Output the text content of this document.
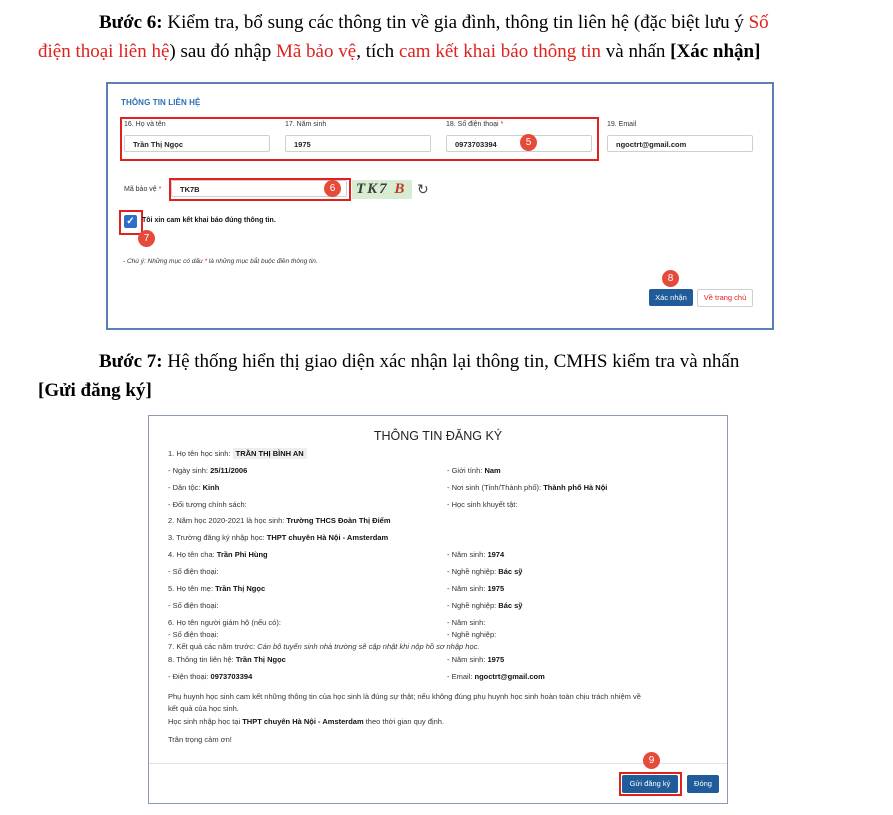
Bước 6: Kiểm tra, bổ sung các thông tin về gia đình, thông tin liên hệ (đặc biệt lưu ý Số
điện thoại liên hệ) sau đó nhập Mã bảo vệ, tích cam kết khai báo thông tin và nhấn [Xác nhận]
THÔNG TIN LIÊN HỆ
16. Họ và tên
Trần Thị Ngọc
17. Năm sinh
1975
18. Số điện thoại *
0973703394
19. Email
ngoctrt@gmail.com
5
Mã bảo vệ *	TK7B	6	TK7 B ↻
✓	Tôi xin cam kết khai báo đúng thông tin.
7
- Chú ý: Những mục có dấu * là những mục bắt buộc điền thông tin.
8
Xác nhận	Về trang chủ
Bước 7: Hệ thống hiển thị giao diện xác nhận lại thông tin, CMHS kiểm tra và nhấn
[Gửi đăng ký]
THÔNG TIN ĐĂNG KÝ
1. Họ tên học sinh: TRẦN THỊ BÌNH AN
- Ngày sinh: 25/11/2006	- Giới tính: Nam
- Dân tộc: Kinh	- Nơi sinh (Tỉnh/Thành phố): Thành phố Hà Nội
- Đối tượng chính sách:	- Học sinh khuyết tật:
2. Năm học 2020-2021 là học sinh: Trường THCS Đoàn Thị Điểm
3. Trường đăng ký nhập học: THPT chuyên Hà Nội - Amsterdam
4. Họ tên cha: Trần Phi Hùng	- Năm sinh: 1974
- Số điện thoại:	- Nghề nghiệp: Bác sỹ
5. Họ tên mẹ: Trần Thị Ngọc	- Năm sinh: 1975
- Số điện thoại:	- Nghề nghiệp: Bác sỹ
6. Họ tên người giám hộ (nếu có):	- Năm sinh:
- Số điện thoại:	- Nghề nghiệp:
7. Kết quả các năm trước: Cán bộ tuyển sinh nhà trường sẽ cập nhật khi nộp hồ sơ nhập học.
8. Thông tin liên hệ: Trần Thị Ngọc	- Năm sinh: 1975
- Điện thoại: 0973703394	- Email: ngoctrt@gmail.com
Phụ huynh học sinh cam kết những thông tin của học sinh là đúng sự thật; nếu không đúng phụ huynh học sinh hoàn toàn chịu trách nhiệm về
kết quả của học sinh.
Học sinh nhập học tại THPT chuyên Hà Nội - Amsterdam theo thời gian quy định.
Trân trọng cảm ơn!
9
Gửi đăng ký	Đóng
